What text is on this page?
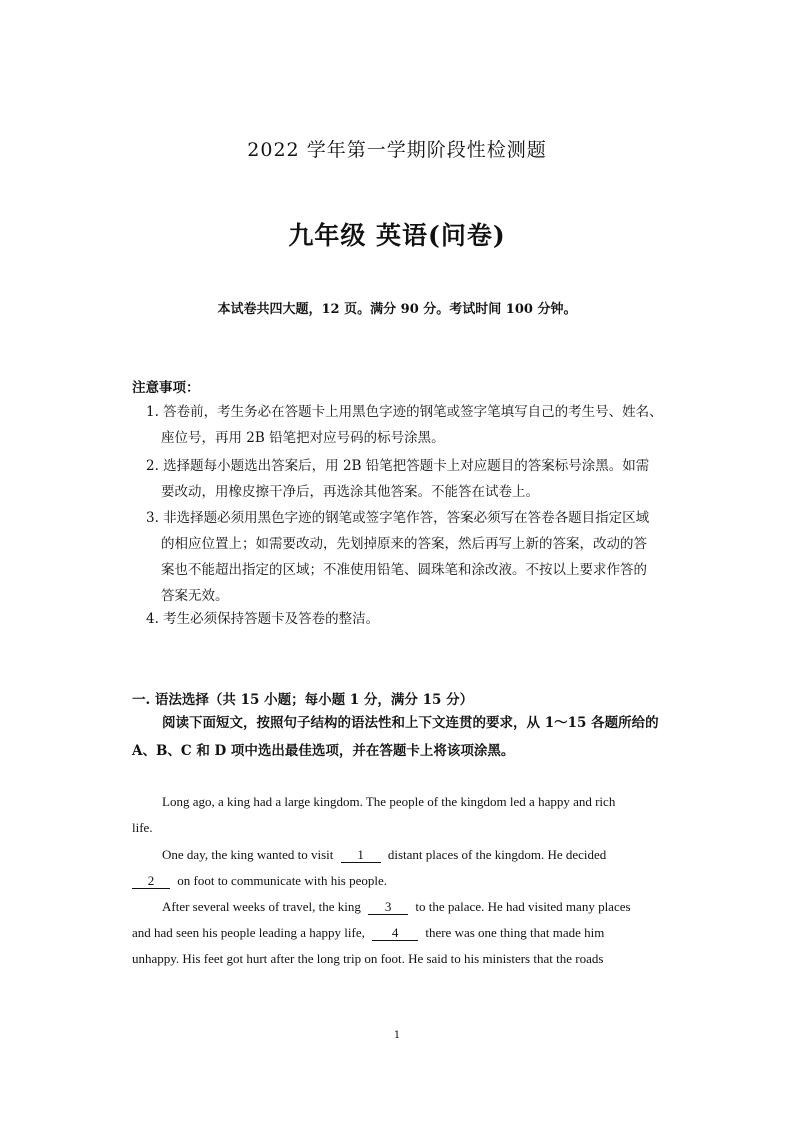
2022 学年第一学期阶段性检测题
九年级 英语(问卷)
本试卷共四大题，12 页。满分 90 分。考试时间 100 分钟。
注意事项：
1. 答卷前，考生务必在答题卡上用黑色字迹的钢笔或签字笔填写自己的考生号、姓名、
座位号，再用 2B 铅笔把对应号码的标号涂黑。
2. 选择题每小题选出答案后，用 2B 铅笔把答题卡上对应题目的答案标号涂黑。如需
要改动，用橡皮擦干净后，再选涂其他答案。不能答在试卷上。
3. 非选择题必须用黑色字迹的钢笔或签字笔作答，答案必须写在答卷各题目指定区域
的相应位置上；如需要改动，先划掉原来的答案，然后再写上新的答案，改动的答
案也不能超出指定的区域；不准使用铅笔、圆珠笔和涂改液。不按以上要求作答的
答案无效。
4. 考生必须保持答题卡及答卷的整洁。
一. 语法选择（共 15 小题；每小题 1 分，满分 15 分）
阅读下面短文，按照句子结构的语法性和上下文连贯的要求，从 1～15 各题所给的
A、B、C 和 D 项中选出最佳选项，并在答题卡上将该项涂黑。
Long ago, a king had a large kingdom. The people of the kingdom led a happy and rich
life.
One day, the king wanted to visit 1 distant places of the kingdom. He decided
2 on foot to communicate with his people.
After several weeks of travel, the king 3 to the palace. He had visited many places
and had seen his people leading a happy life, 4 there was one thing that made him
unhappy. His feet got hurt after the long trip on foot. He said to his ministers that the roads
1
